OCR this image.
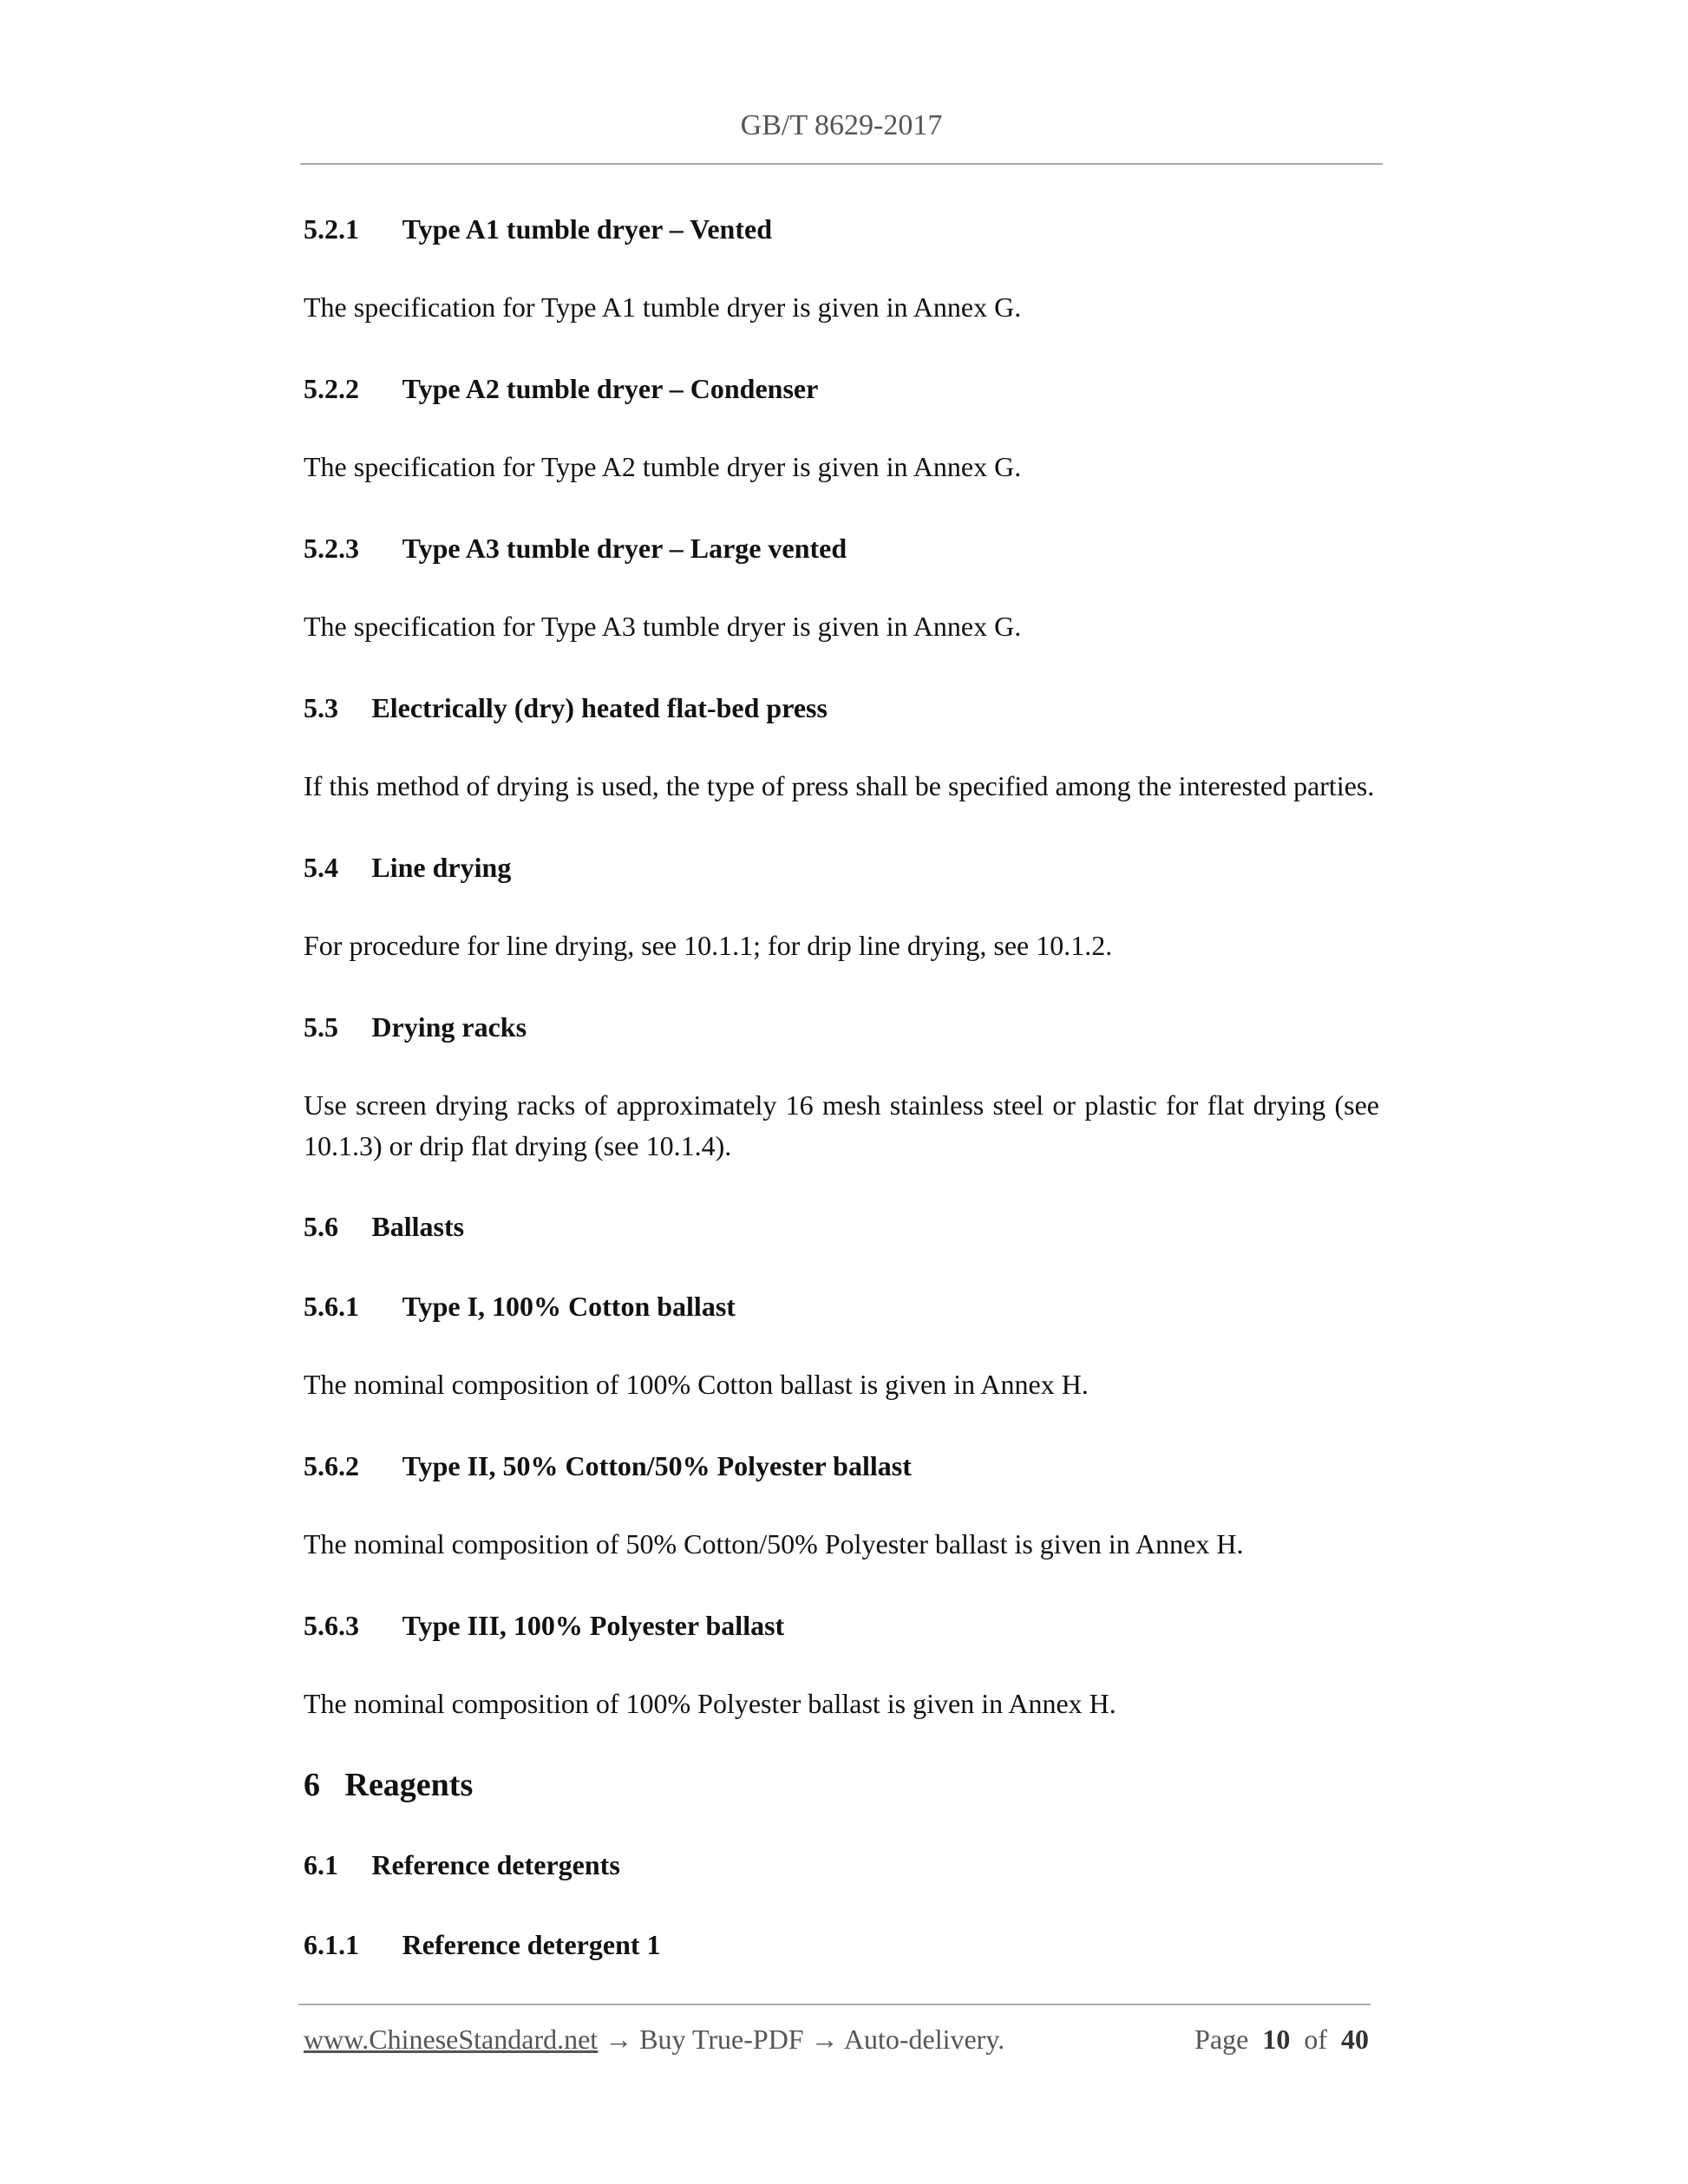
GB/T 8629-2017
5.2.1 Type A1 tumble dryer – Vented
The specification for Type A1 tumble dryer is given in Annex G.
5.2.2 Type A2 tumble dryer – Condenser
The specification for Type A2 tumble dryer is given in Annex G.
5.2.3 Type A3 tumble dryer – Large vented
The specification for Type A3 tumble dryer is given in Annex G.
5.3 Electrically (dry) heated flat-bed press
If this method of drying is used, the type of press shall be specified among the interested parties.
5.4 Line drying
For procedure for line drying, see 10.1.1; for drip line drying, see 10.1.2.
5.5 Drying racks
Use screen drying racks of approximately 16 mesh stainless steel or plastic for flat drying (see 10.1.3) or drip flat drying (see 10.1.4).
5.6 Ballasts
5.6.1 Type I, 100% Cotton ballast
The nominal composition of 100% Cotton ballast is given in Annex H.
5.6.2 Type II, 50% Cotton/50% Polyester ballast
The nominal composition of 50% Cotton/50% Polyester ballast is given in Annex H.
5.6.3 Type III, 100% Polyester ballast
The nominal composition of 100% Polyester ballast is given in Annex H.
6 Reagents
6.1 Reference detergents
6.1.1 Reference detergent 1
www.ChineseStandard.net → Buy True-PDF → Auto-delivery.	Page 10 of 40
